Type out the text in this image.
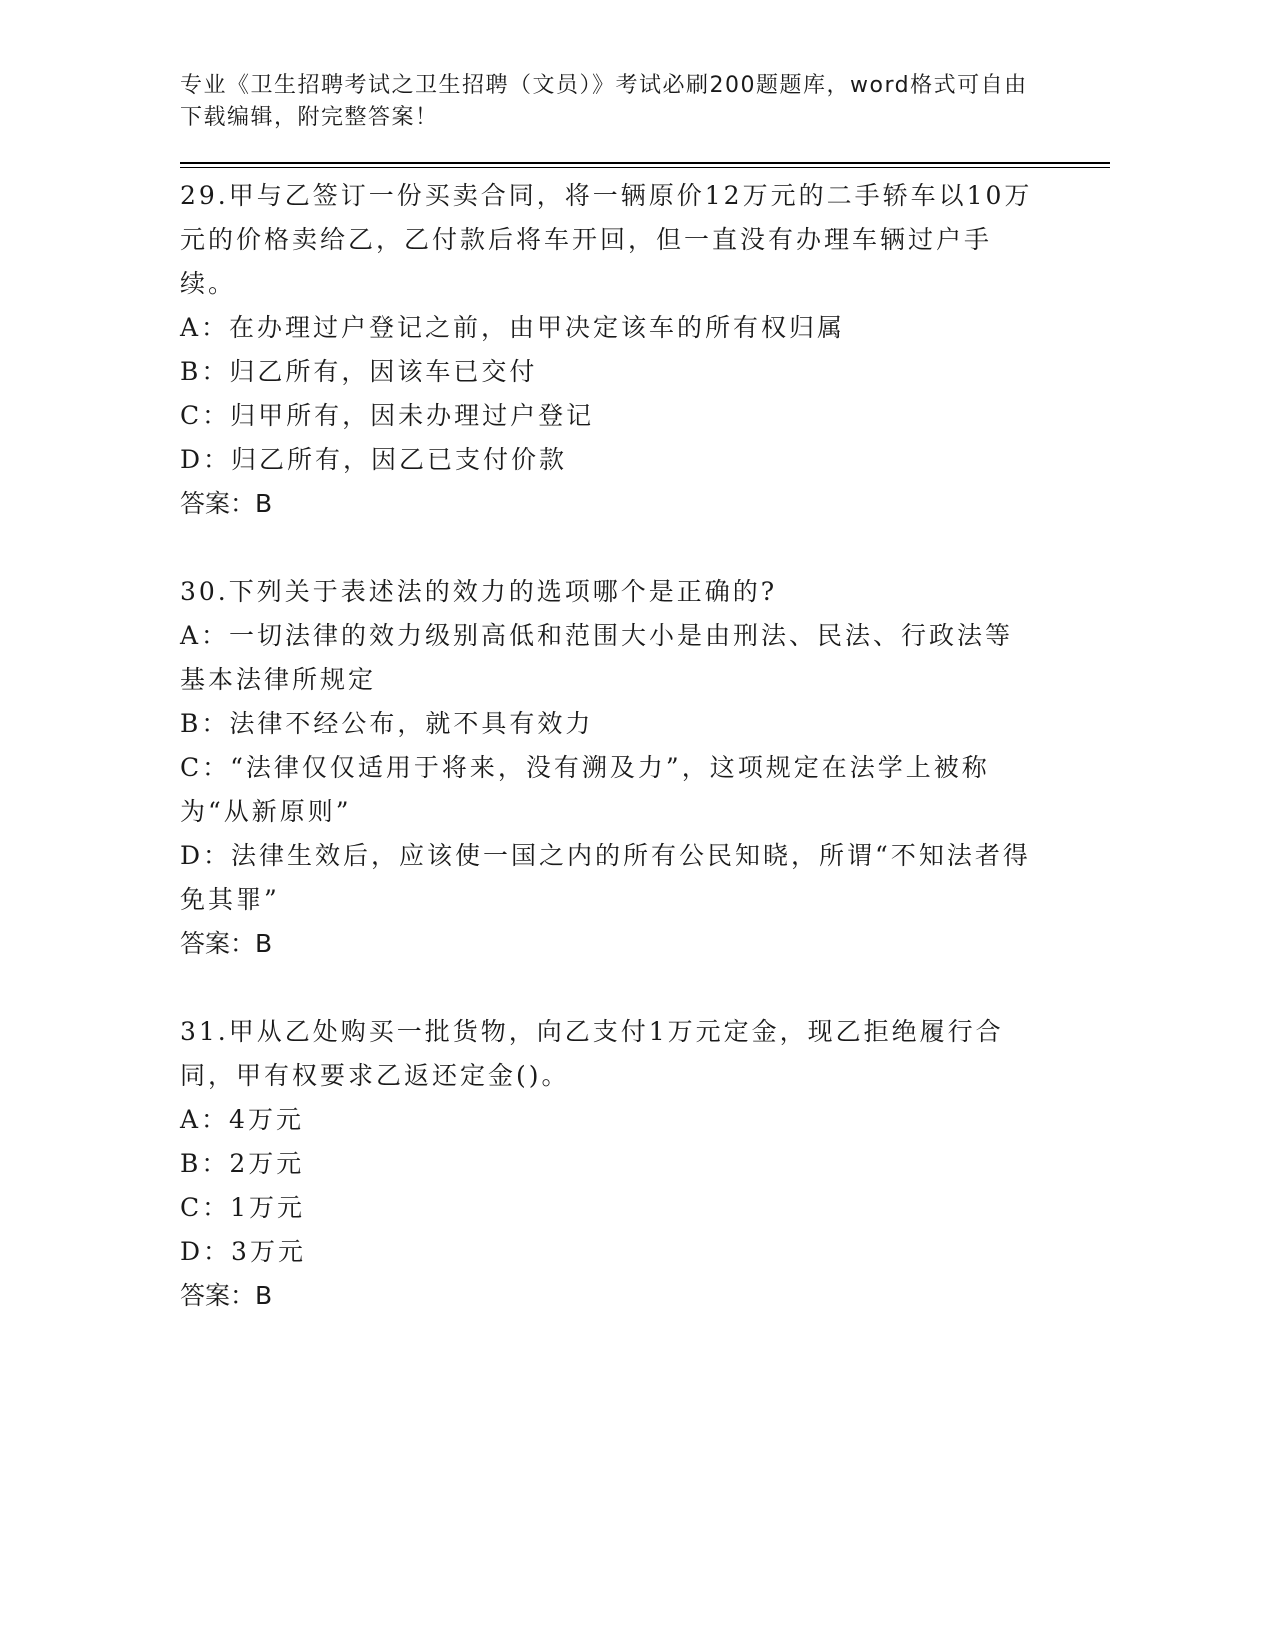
专业《卫生招聘考试之卫生招聘（文员）》考试必刷200题题库，word格式可自由下载编辑，附完整答案！

29.甲与乙签订一份买卖合同，将一辆原价12万元的二手轿车以10万元的价格卖给乙，乙付款后将车开回，但一直没有办理车辆过户手续。

A：在办理过户登记之前，由甲决定该车的所有权归属

B：归乙所有，因该车已交付

C：归甲所有，因未办理过户登记

D：归乙所有，因乙已支付价款

答案：B

30.下列关于表述法的效力的选项哪个是正确的?

A：一切法律的效力级别高低和范围大小是由刑法、民法、行政法等基本法律所规定

B：法律不经公布，就不具有效力

C：“法律仅仅适用于将来，没有溯及力”，这项规定在法学上被称为“从新原则”

D：法律生效后，应该使一国之内的所有公民知晓，所谓“不知法者得免其罪”

答案：B

31.甲从乙处购买一批货物，向乙支付1万元定金，现乙拒绝履行合同，甲有权要求乙返还定金()。

A：4万元

B：2万元

C：1万元

D：3万元

答案：B
